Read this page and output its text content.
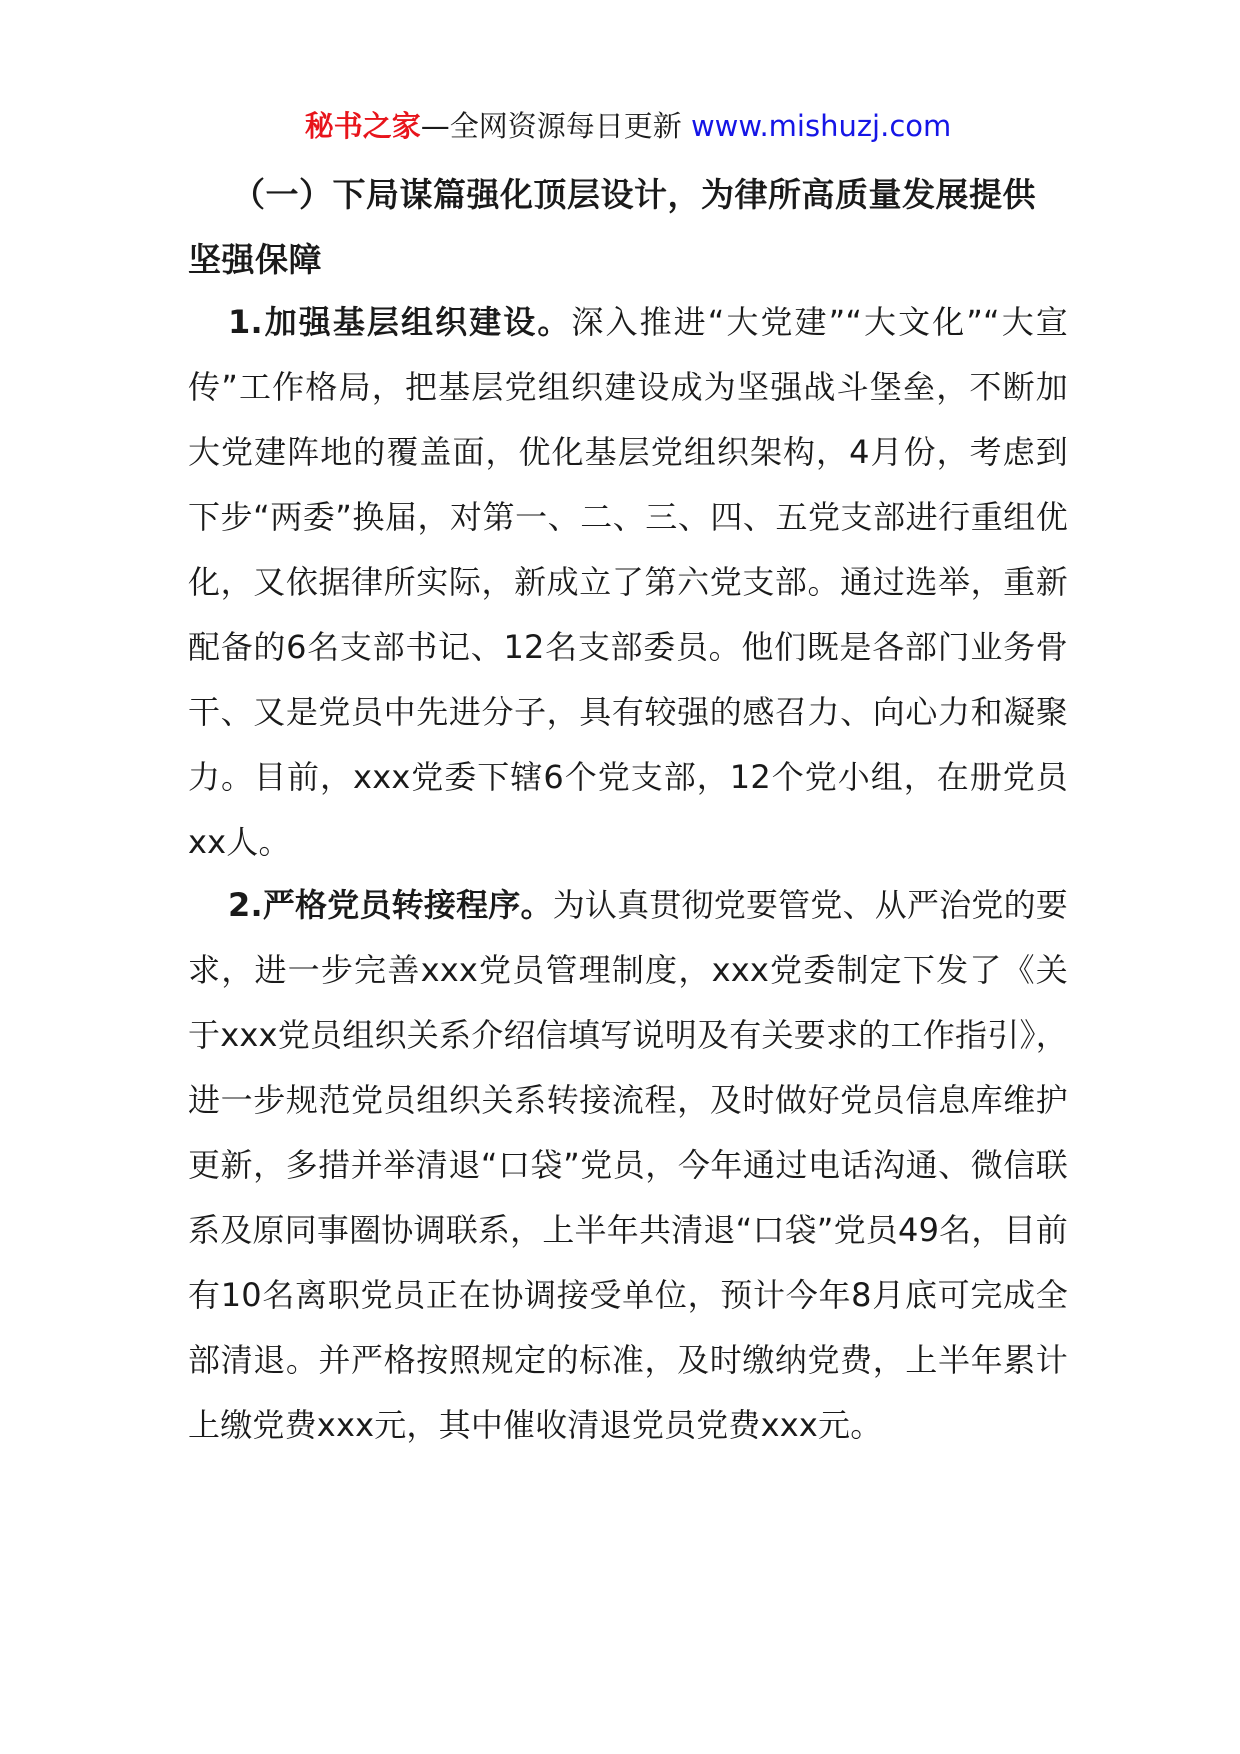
秘书之家—全网资源每日更新 www.mishuzj.com
（一）下局谋篇强化顶层设计，为律所高质量发展提供坚强保障
1.加强基层组织建设。深入推进“大党建”“大文化”“大宣传”工作格局，把基层党组织建设成为坚强战斗堡垒，不断加大党建阵地的覆盖面，优化基层党组织架构，4月份，考虑到下步“两委”换届，对第一、二、三、四、五党支部进行重组优化，又依据律所实际，新成立了第六党支部。通过选举，重新配备的6名支部书记、12名支部委员。他们既是各部门业务骨干、又是党员中先进分子，具有较强的感召力、向心力和凝聚力。目前，xxx党委下辖6个党支部，12个党小组，在册党员xx人。
2.严格党员转接程序。为认真贯彻党要管党、从严治党的要求，进一步完善xxx党员管理制度，xxx党委制定下发了《关于xxx党员组织关系介绍信填写说明及有关要求的工作指引》，进一步规范党员组织关系转接流程，及时做好党员信息库维护更新，多措并举清退“口袋”党员，今年通过电话沟通、微信联系及原同事圈协调联系，上半年共清退“口袋”党员49名，目前有10名离职党员正在协调接受单位，预计今年8月底可完成全部清退。并严格按照规定的标准，及时缴纳党费，上半年累计上缴党费xxx元，其中催收清退党员党费xxx元。
